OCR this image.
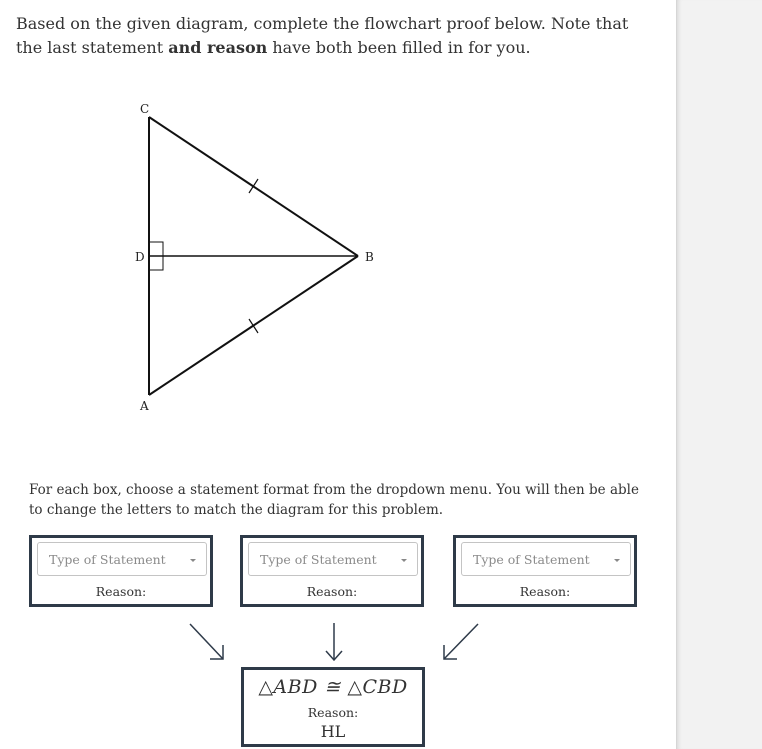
Based on the given diagram, complete the flowchart proof below. Note that the last statement and reason have both been filled in for you.
C
D	B
A
For each box, choose a statement format from the dropdown menu. You will then be able to change the letters to match the diagram for this problem.
Type of Statement
Reason:
Type of Statement
Reason:
Type of Statement
Reason:
△ABD ≅ △CBD
Reason:
HL
